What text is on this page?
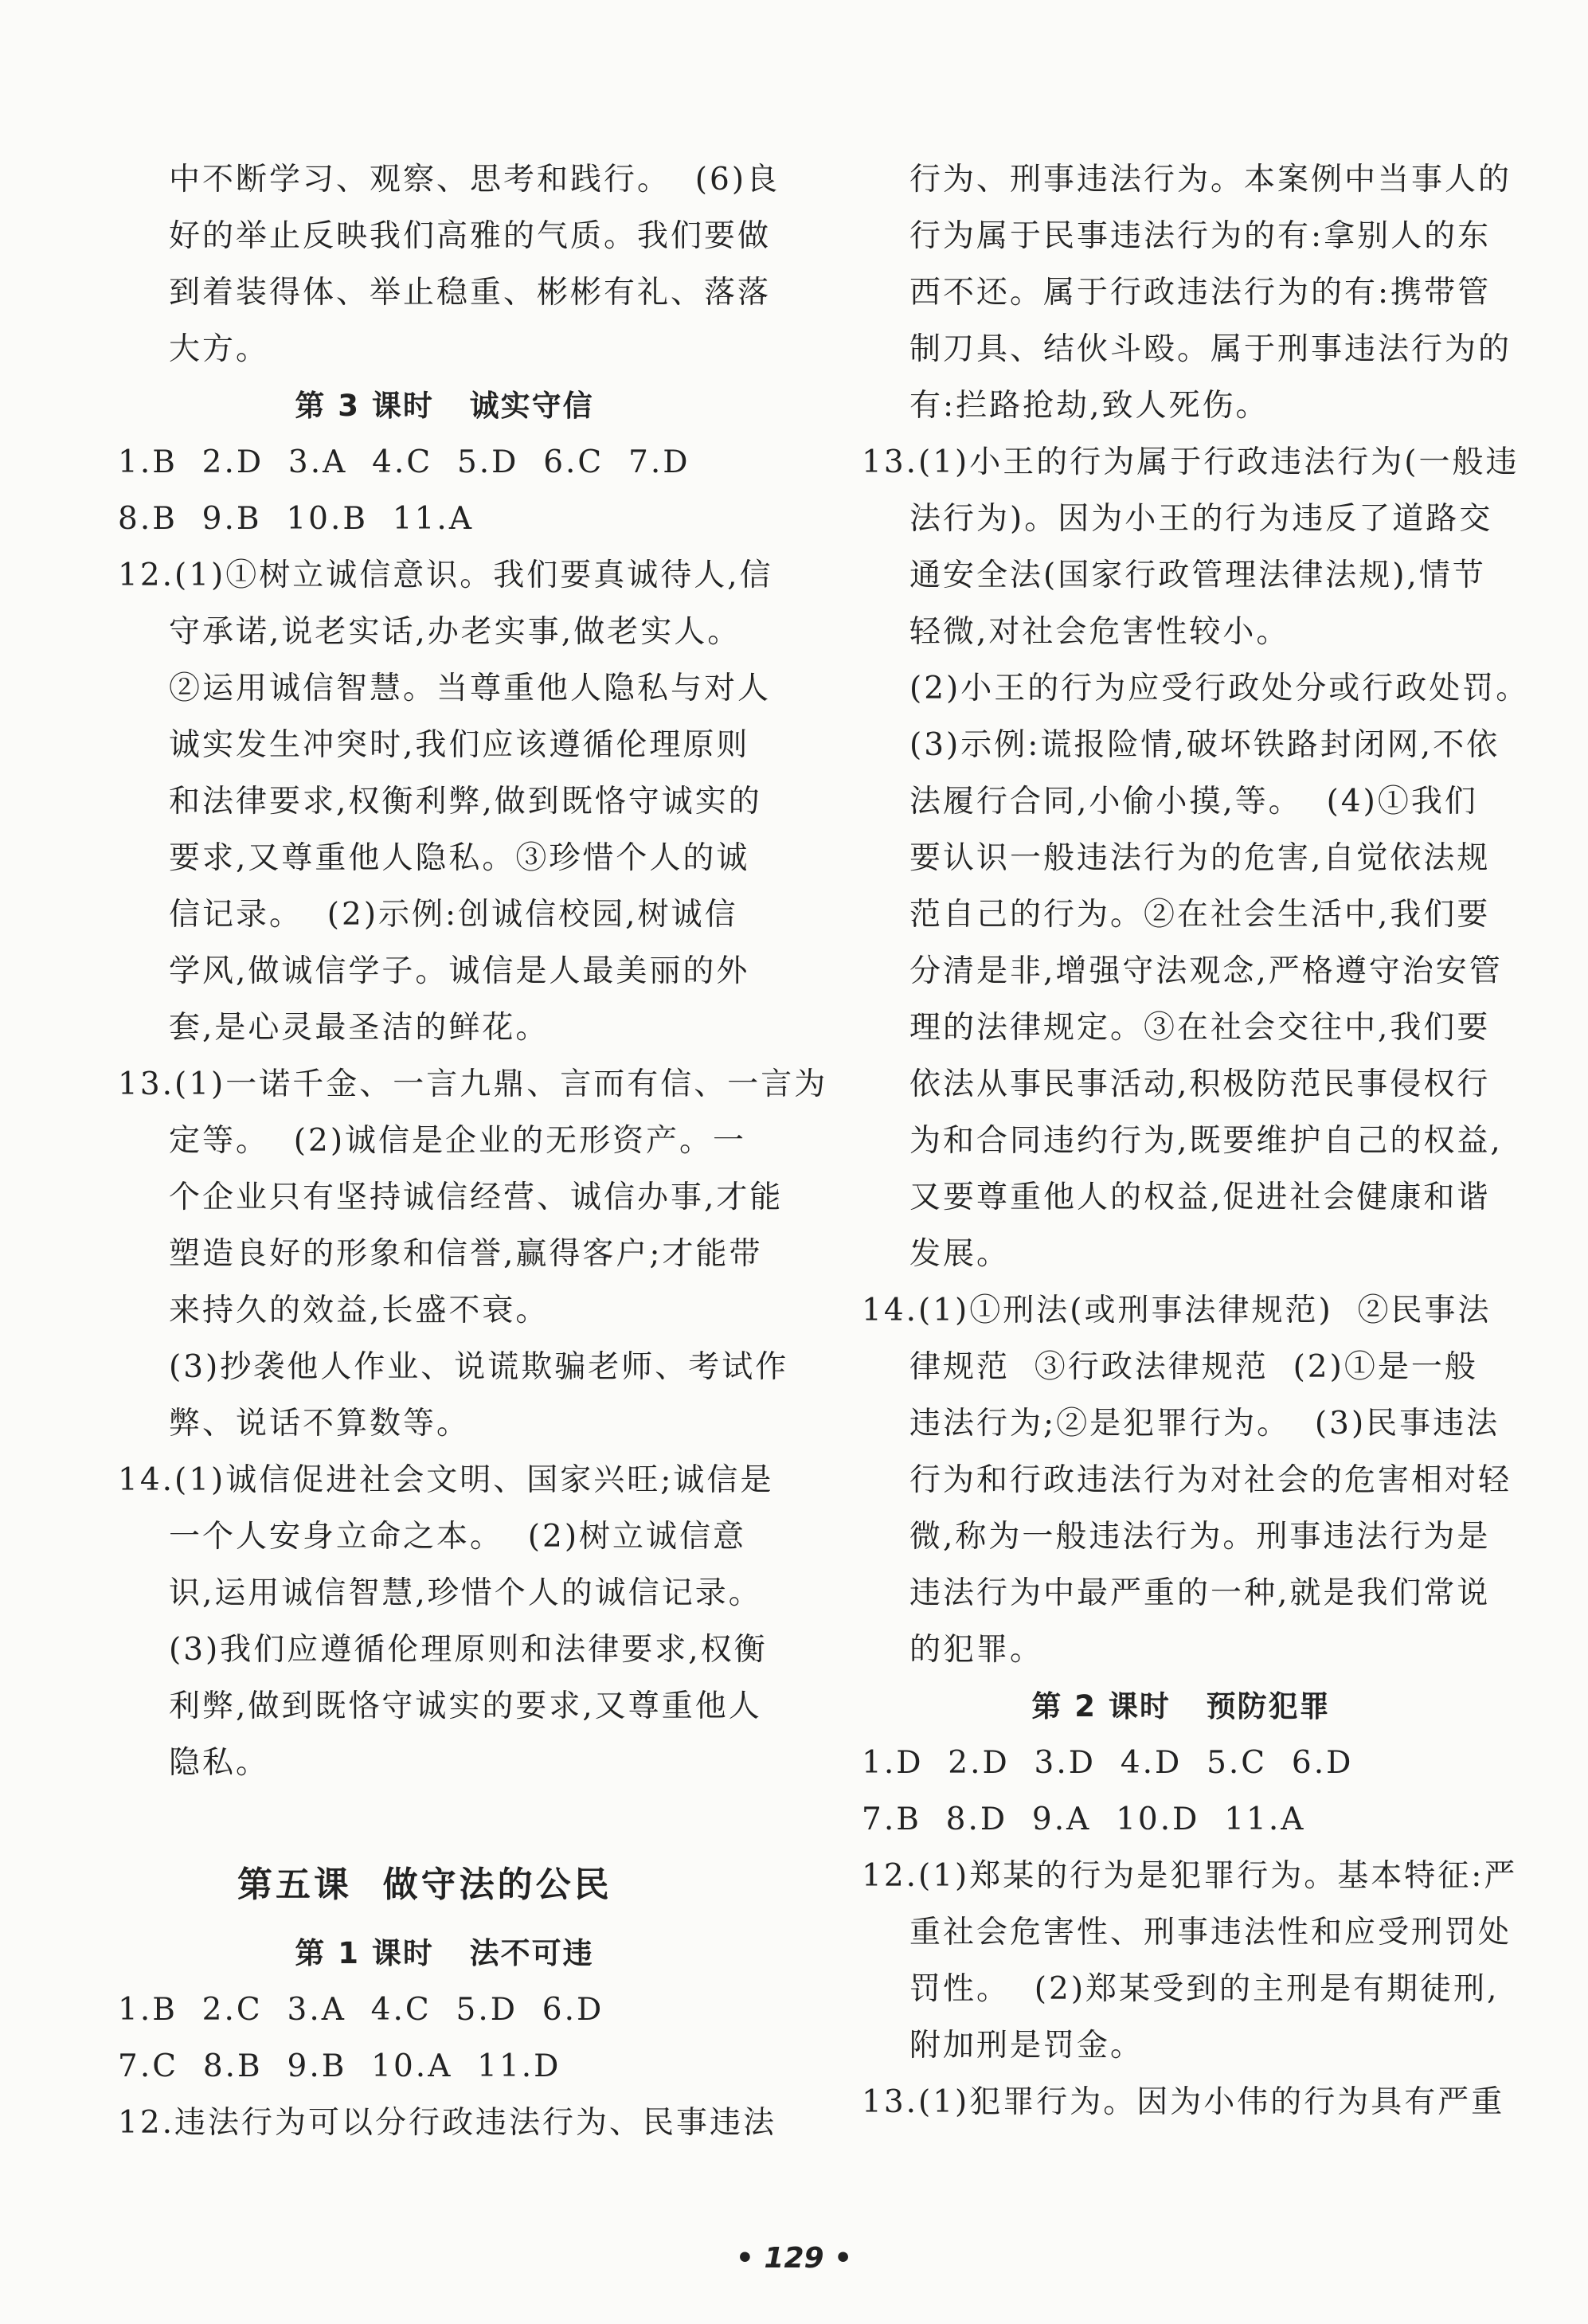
中不断学习、观察、思考和践行。  (6)良
好的举止反映我们高雅的气质。我们要做
到着装得体、举止稳重、彬彬有礼、落落
大方。
第 3 课时   诚实守信
1.B  2.D  3.A  4.C  5.D  6.C  7.D
8.B  9.B  10.B  11.A
12.(1)①树立诚信意识。我们要真诚待人,信
守承诺,说老实话,办老实事,做老实人。
②运用诚信智慧。当尊重他人隐私与对人
诚实发生冲突时,我们应该遵循伦理原则
和法律要求,权衡利弊,做到既恪守诚实的
要求,又尊重他人隐私。③珍惜个人的诚
信记录。  (2)示例:创诚信校园,树诚信
学风,做诚信学子。诚信是人最美丽的外
套,是心灵最圣洁的鲜花。
13.(1)一诺千金、一言九鼎、言而有信、一言为
定等。  (2)诚信是企业的无形资产。一
个企业只有坚持诚信经营、诚信办事,才能
塑造良好的形象和信誉,赢得客户;才能带
来持久的效益,长盛不衰。
(3)抄袭他人作业、说谎欺骗老师、考试作
弊、说话不算数等。
14.(1)诚信促进社会文明、国家兴旺;诚信是
一个人安身立命之本。  (2)树立诚信意
识,运用诚信智慧,珍惜个人的诚信记录。
(3)我们应遵循伦理原则和法律要求,权衡
利弊,做到既恪守诚实的要求,又尊重他人
隐私。
第五课  做守法的公民
第 1 课时   法不可违
1.B  2.C  3.A  4.C  5.D  6.D
7.C  8.B  9.B  10.A  11.D
12.违法行为可以分行政违法行为、民事违法
行为、刑事违法行为。本案例中当事人的
行为属于民事违法行为的有:拿别人的东
西不还。属于行政违法行为的有:携带管
制刀具、结伙斗殴。属于刑事违法行为的
有:拦路抢劫,致人死伤。
13.(1)小王的行为属于行政违法行为(一般违
法行为)。因为小王的行为违反了道路交
通安全法(国家行政管理法律法规),情节
轻微,对社会危害性较小。
(2)小王的行为应受行政处分或行政处罚。
(3)示例:谎报险情,破坏铁路封闭网,不依
法履行合同,小偷小摸,等。  (4)①我们
要认识一般违法行为的危害,自觉依法规
范自己的行为。②在社会生活中,我们要
分清是非,增强守法观念,严格遵守治安管
理的法律规定。③在社会交往中,我们要
依法从事民事活动,积极防范民事侵权行
为和合同违约行为,既要维护自己的权益,
又要尊重他人的权益,促进社会健康和谐
发展。
14.(1)①刑法(或刑事法律规范)  ②民事法
律规范  ③行政法律规范  (2)①是一般
违法行为;②是犯罪行为。  (3)民事违法
行为和行政违法行为对社会的危害相对轻
微,称为一般违法行为。刑事违法行为是
违法行为中最严重的一种,就是我们常说
的犯罪。
第 2 课时   预防犯罪
1.D  2.D  3.D  4.D  5.C  6.D
7.B  8.D  9.A  10.D  11.A
12.(1)郑某的行为是犯罪行为。基本特征:严
重社会危害性、刑事违法性和应受刑罚处
罚性。  (2)郑某受到的主刑是有期徒刑,
附加刑是罚金。
13.(1)犯罪行为。因为小伟的行为具有严重
• 129 •
